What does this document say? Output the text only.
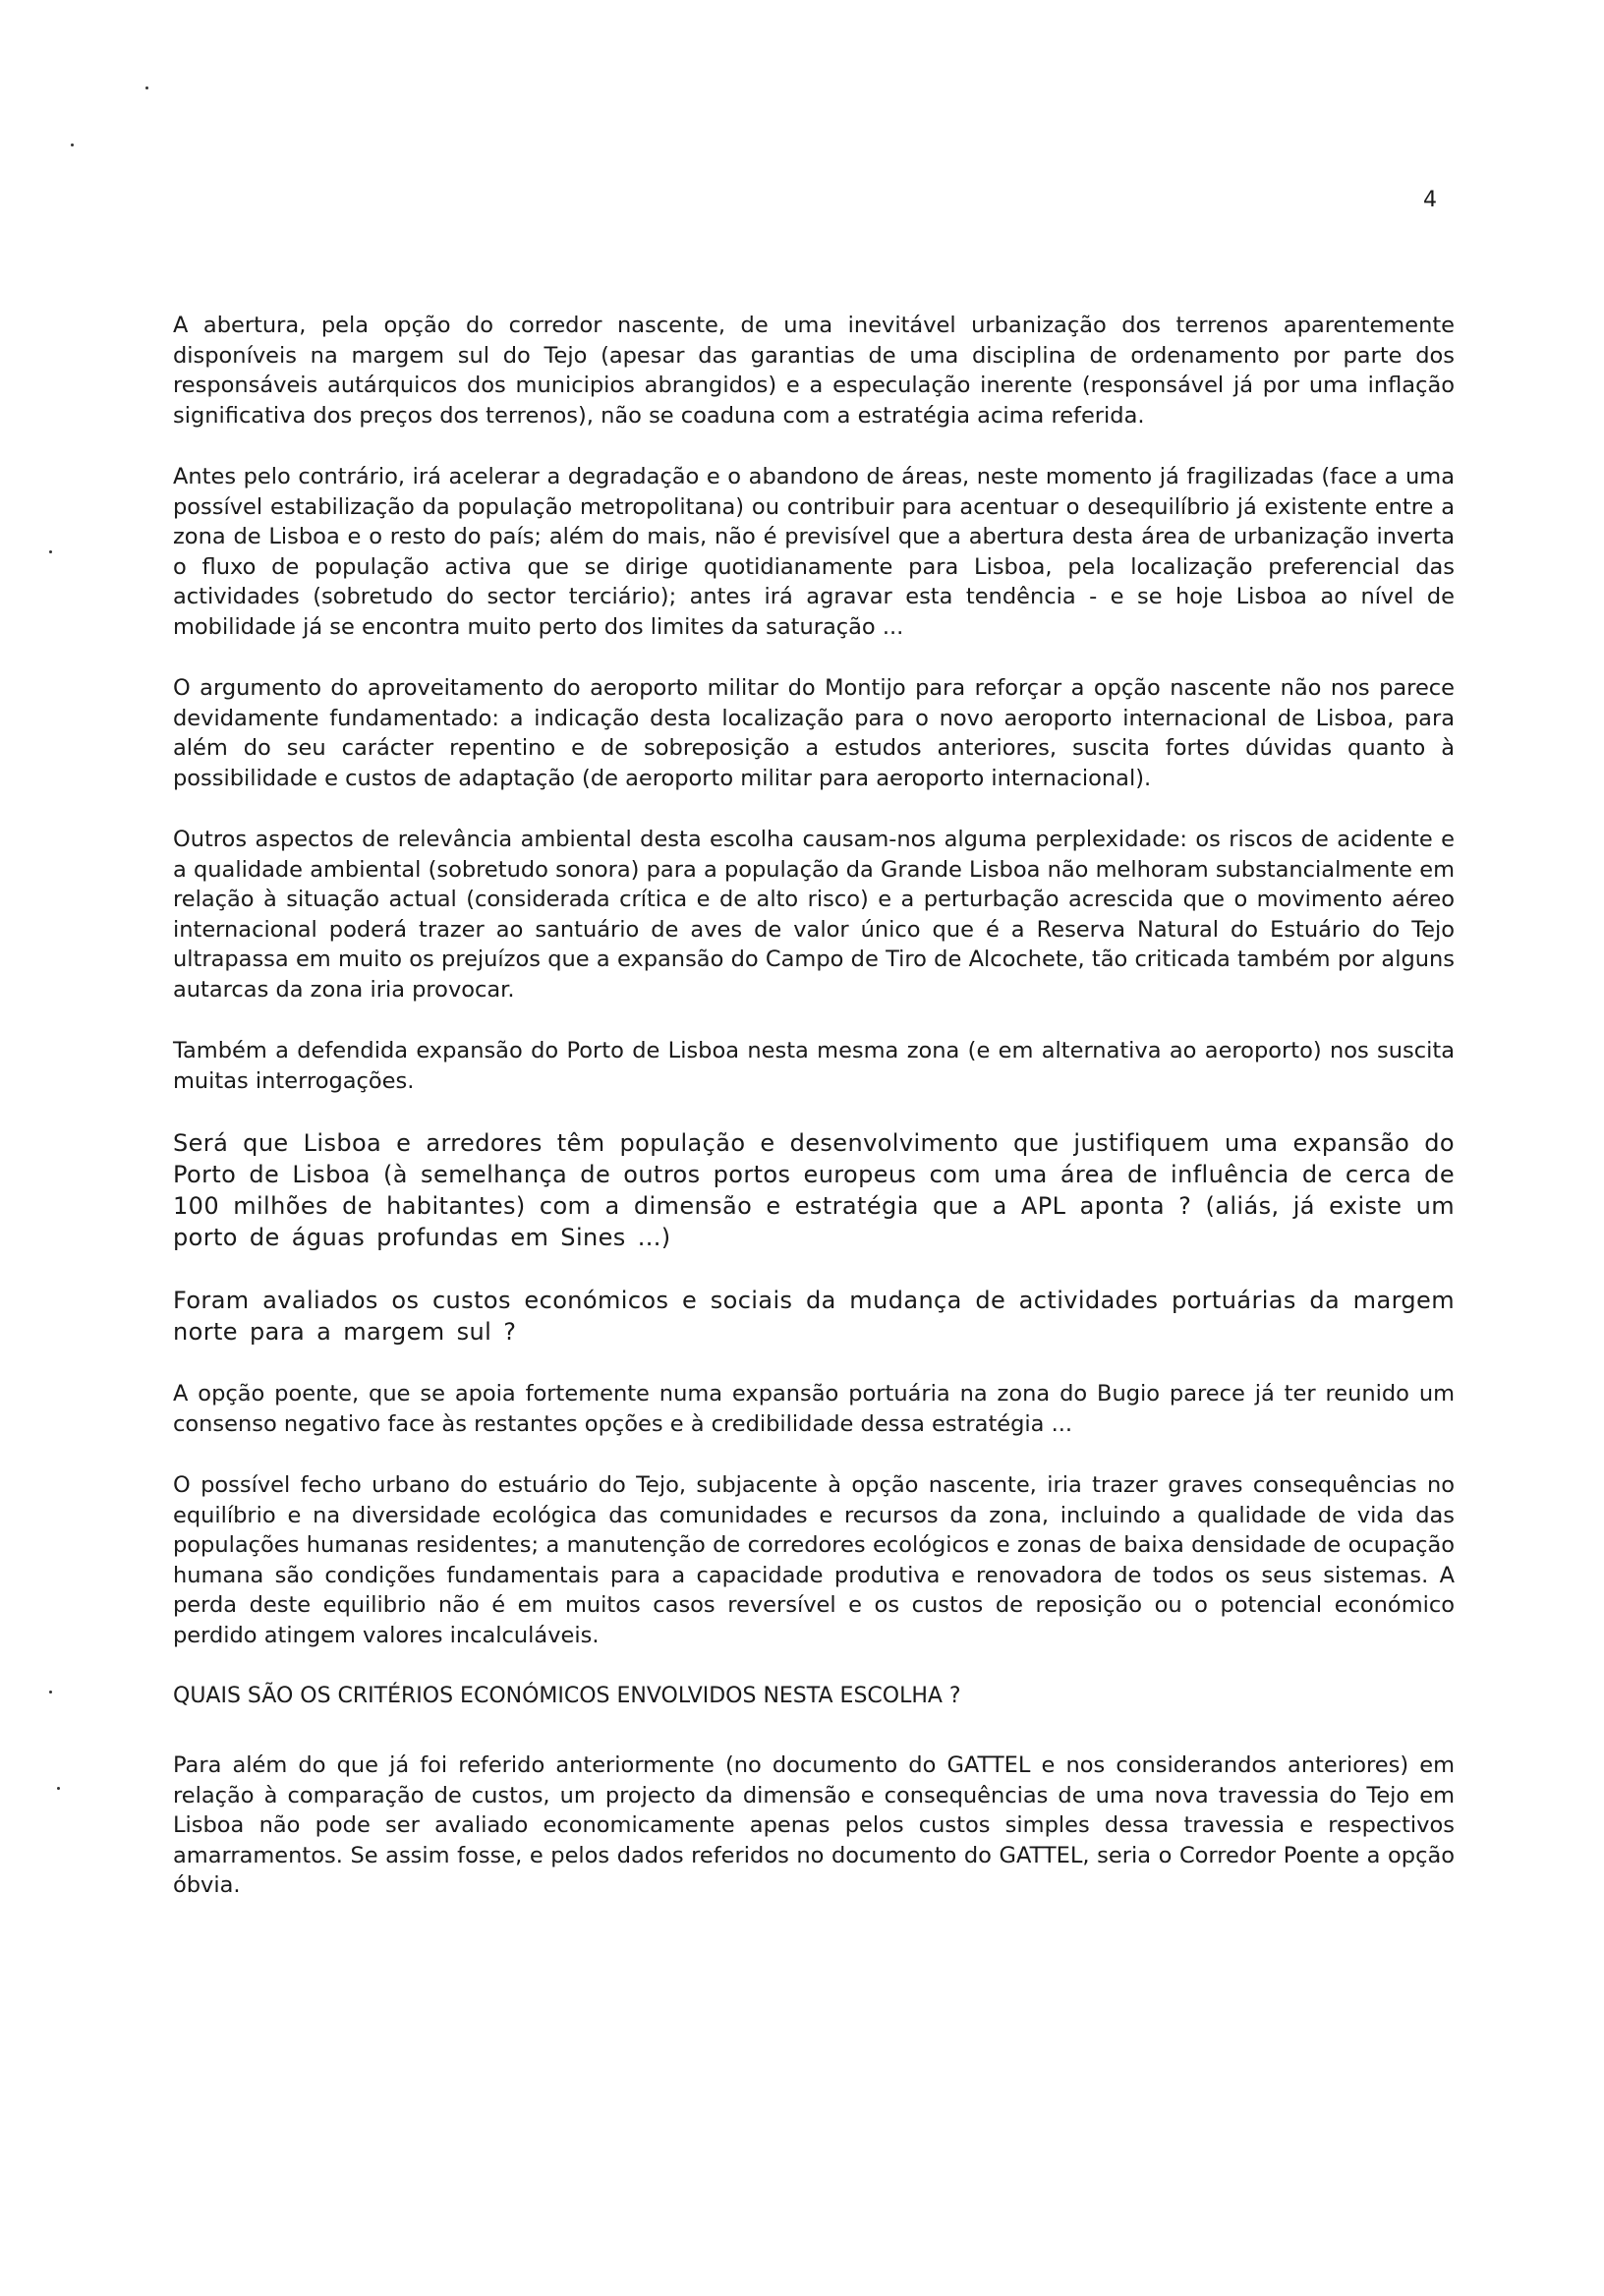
4

A abertura, pela opção do corredor nascente, de uma inevitável urbanização dos terrenos aparentemente disponíveis na margem sul do Tejo (apesar das garantias de uma disciplina de ordenamento por parte dos responsáveis autárquicos dos municipios abrangidos) e a especulação inerente (responsável já por uma inflação significativa dos preços dos terrenos), não se coaduna com a estratégia acima referida.

Antes pelo contrário, irá acelerar a degradação e o abandono de áreas, neste momento já fragilizadas (face a uma possível estabilização da população metropolitana) ou contribuir para acentuar o desequilíbrio já existente entre a zona de Lisboa e o resto do país; além do mais, não é previsível que a abertura desta área de urbanização inverta o fluxo de população activa que se dirige quotidianamente para Lisboa, pela localização preferencial das actividades (sobretudo do sector terciário); antes irá agravar esta tendência - e se hoje Lisboa ao nível de mobilidade já se encontra muito perto dos limites da saturação ...

O argumento do aproveitamento do aeroporto militar do Montijo para reforçar a opção nascente não nos parece devidamente fundamentado: a indicação desta localização para o novo aeroporto internacional de Lisboa, para além do seu carácter repentino e de sobreposição a estudos anteriores, suscita fortes dúvidas quanto à possibilidade e custos de adaptação (de aeroporto militar para aeroporto internacional).

Outros aspectos de relevância ambiental desta escolha causam-nos alguma perplexidade: os riscos de acidente e a qualidade ambiental (sobretudo sonora) para a população da Grande Lisboa não melhoram substancialmente em relação à situação actual (considerada crítica e de alto risco) e a perturbação acrescida que o movimento aéreo internacional poderá trazer ao santuário de aves de valor único que é a Reserva Natural do Estuário do Tejo ultrapassa em muito os prejuízos que a expansão do Campo de Tiro de Alcochete, tão criticada também por alguns autarcas da zona iria provocar.

Também a defendida expansão do Porto de Lisboa nesta mesma zona (e em alternativa ao aeroporto) nos suscita muitas interrogações.

Será que Lisboa e arredores têm população e desenvolvimento que justifiquem uma expansão do Porto de Lisboa (à semelhança de outros portos europeus com uma área de influência de cerca de 100 milhões de habitantes) com a dimensão e estratégia que a APL aponta ? (aliás, já existe um porto de águas profundas em Sines ...)

Foram avaliados os custos económicos e sociais da mudança de actividades portuárias da margem norte para a margem sul ?

A opção poente, que se apoia fortemente numa expansão portuária na zona do Bugio parece já ter reunido um consenso negativo face às restantes opções e à credibilidade dessa estratégia ...

O possível fecho urbano do estuário do Tejo, subjacente à opção nascente, iria trazer graves consequências no equilíbrio e na diversidade ecológica das comunidades e recursos da zona, incluindo a qualidade de vida das populações humanas residentes; a manutenção de corredores ecológicos e zonas de baixa densidade de ocupação humana são condições fundamentais para a capacidade produtiva e renovadora de todos os seus sistemas. A perda deste equilibrio não é em muitos casos reversível e os custos de reposição ou o potencial económico perdido atingem valores incalculáveis.

QUAIS SÃO OS CRITÉRIOS ECONÓMICOS ENVOLVIDOS NESTA ESCOLHA ?

Para além do que já foi referido anteriormente (no documento do GATTEL e nos considerandos anteriores) em relação à comparação de custos, um projecto da dimensão e consequências de uma nova travessia do Tejo em Lisboa não pode ser avaliado economicamente apenas pelos custos simples dessa travessia e respectivos amarramentos. Se assim fosse, e pelos dados referidos no documento do GATTEL, seria o Corredor Poente a opção óbvia.
